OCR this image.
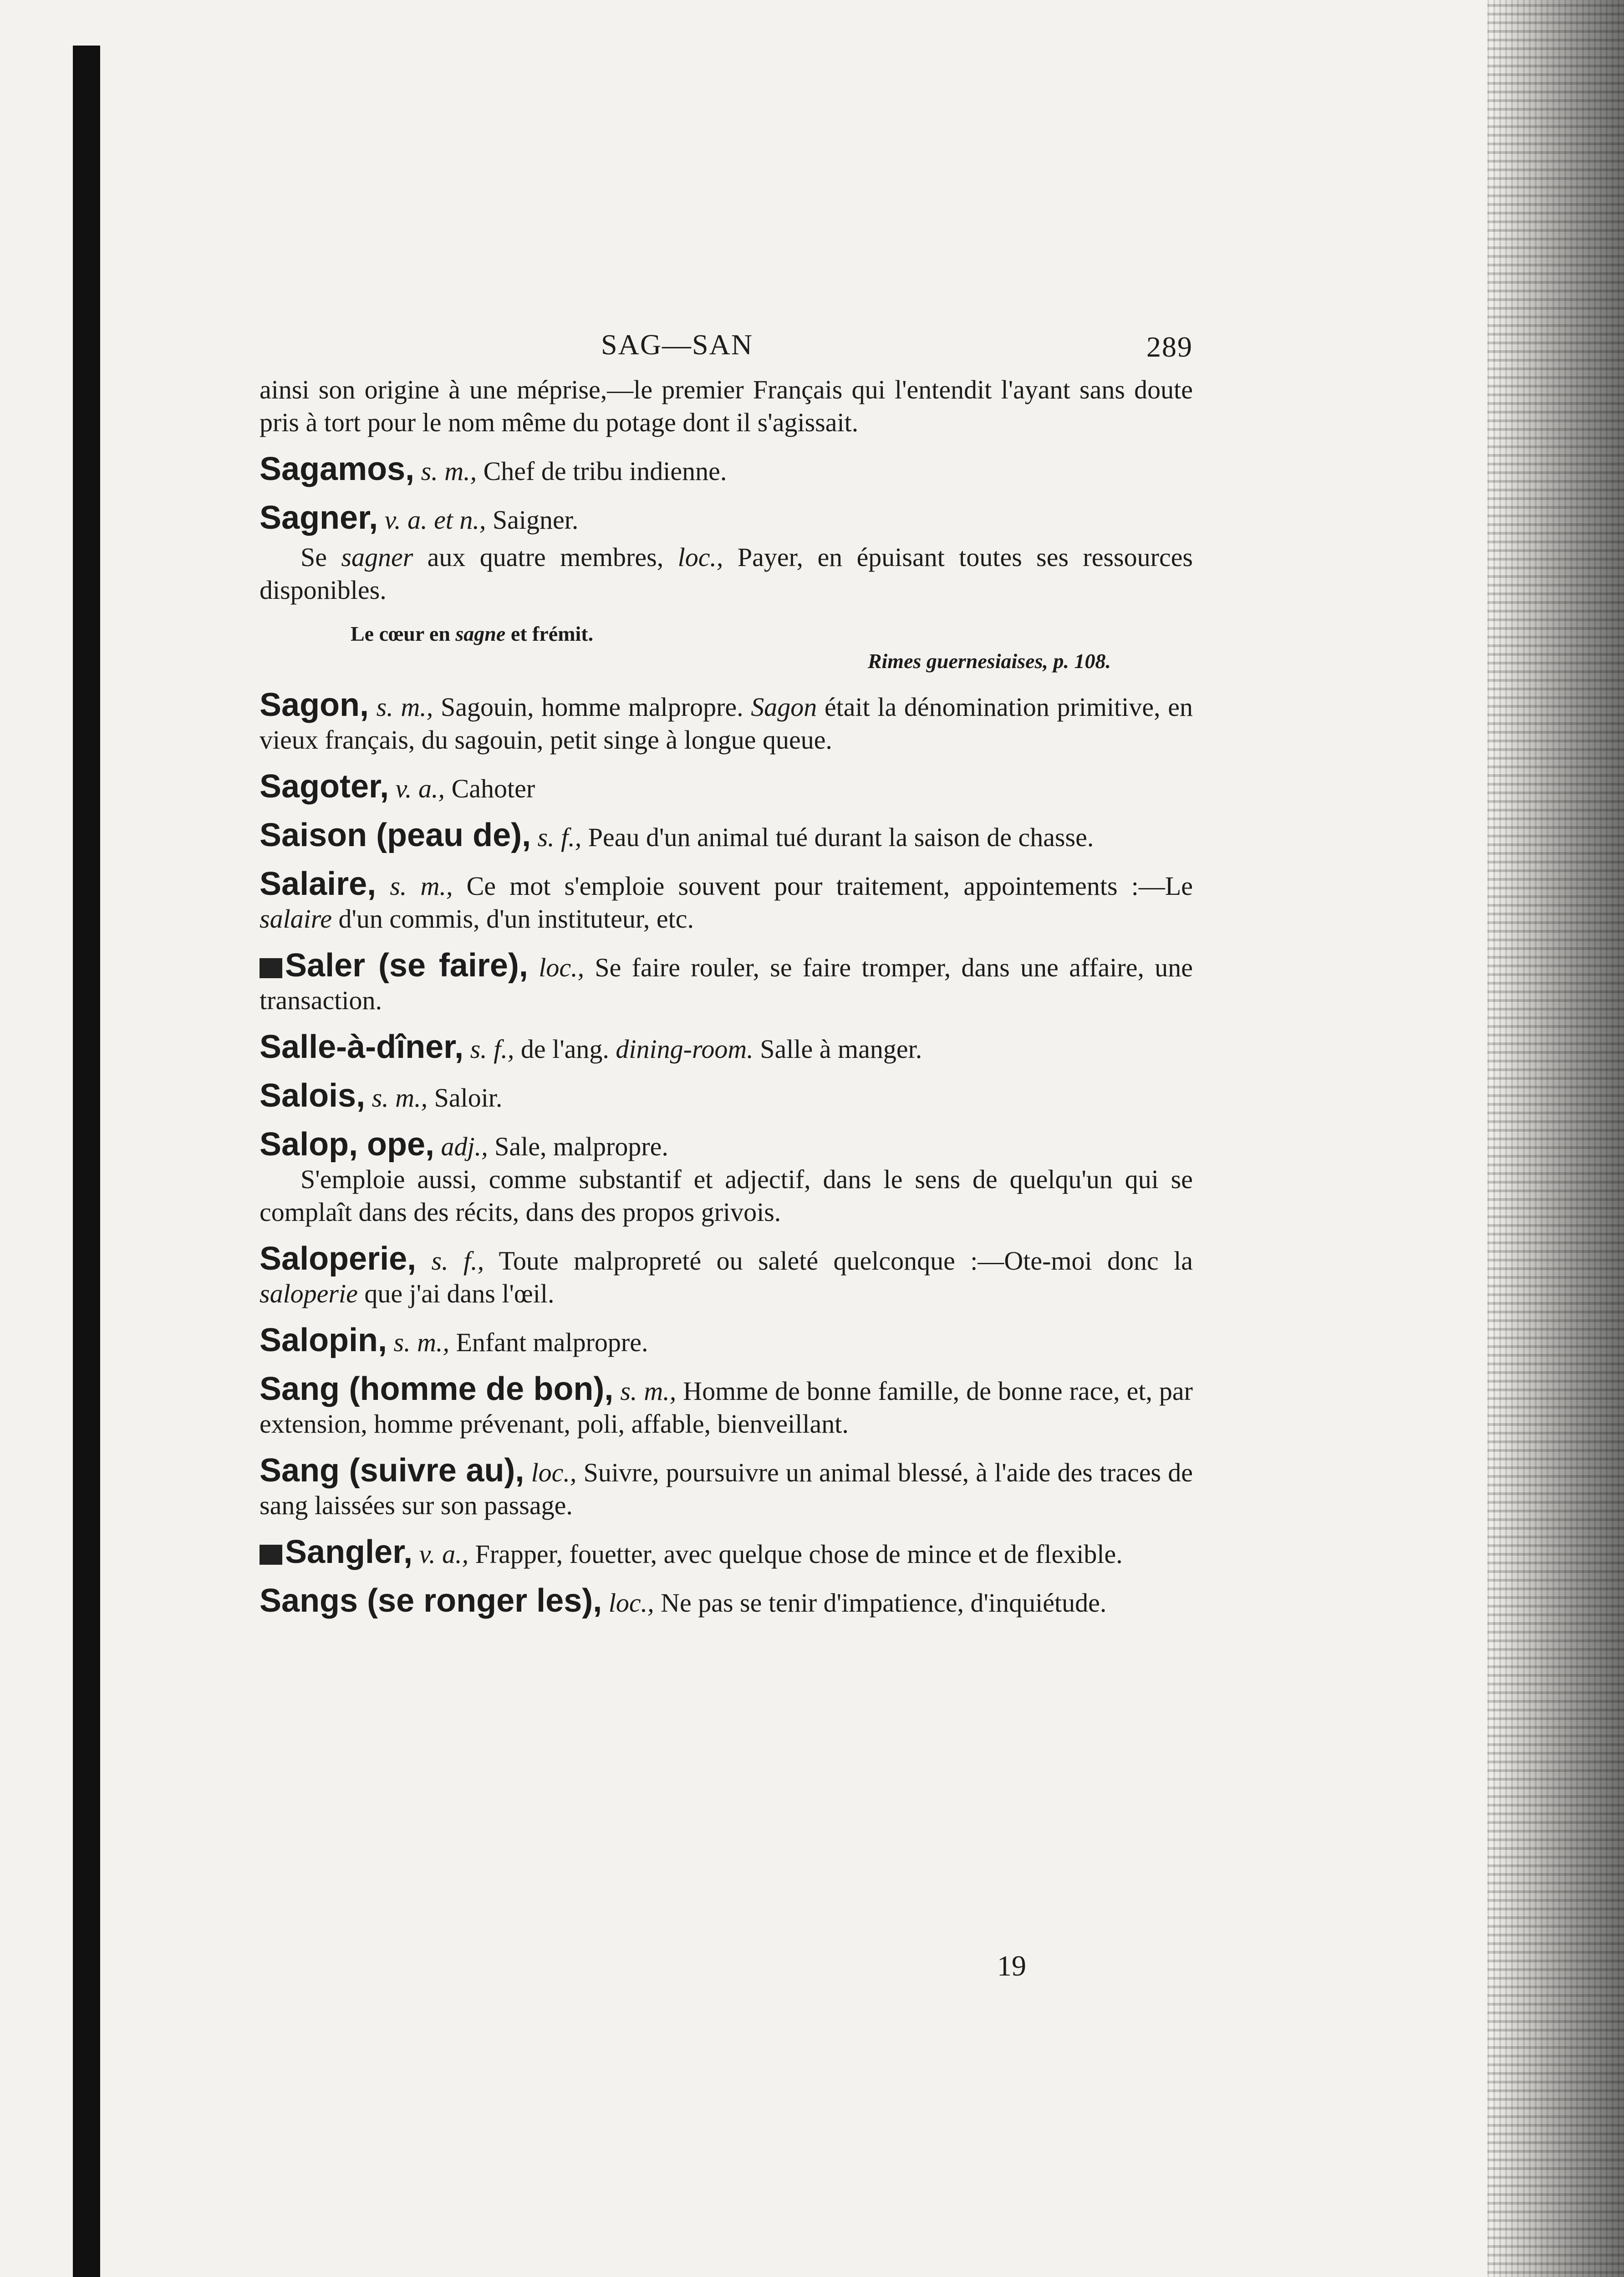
SAG—SAN	289

ainsi son origine à une méprise,—le premier Français qui l'entendit l'ayant sans doute pris à tort pour le nom même du potage dont il s'agissait.

Sagamos, s. m., Chef de tribu indienne.

Sagner, v. a. et n., Saigner.

Se sagner aux quatre membres, loc., Payer, en épuisant toutes ses ressources disponibles.

Le cœur en sagne et frémit.

Rimes guernesiaises, p. 108.

Sagon, s. m., Sagouin, homme malpropre. Sagon était la dénomination primitive, en vieux français, du sagouin, petit singe à longue queue.

Sagoter, v. a., Cahoter

Saison (peau de), s. f., Peau d'un animal tué durant la saison de chasse.

Salaire, s. m., Ce mot s'emploie souvent pour traitement, appointements :—Le salaire d'un commis, d'un instituteur, etc.

Saler (se faire), loc., Se faire rouler, se faire tromper, dans une affaire, une transaction.

Salle-à-dîner, s. f., de l'ang. dining-room. Salle à manger.

Salois, s. m., Saloir.

Salop, ope, adj., Sale, malpropre.

S'emploie aussi, comme substantif et adjectif, dans le sens de quelqu'un qui se complaît dans des récits, dans des propos grivois.

Saloperie, s. f., Toute malpropreté ou saleté quelconque :—Ote-moi donc la saloperie que j'ai dans l'œil.

Salopin, s. m., Enfant malpropre.

Sang (homme de bon), s. m., Homme de bonne famille, de bonne race, et, par extension, homme prévenant, poli, affable, bienveillant.

Sang (suivre au), loc., Suivre, poursuivre un animal blessé, à l'aide des traces de sang laissées sur son passage.

Sangler, v. a., Frapper, fouetter, avec quelque chose de mince et de flexible.

Sangs (se ronger les), loc., Ne pas se tenir d'impatience, d'inquiétude.

19
